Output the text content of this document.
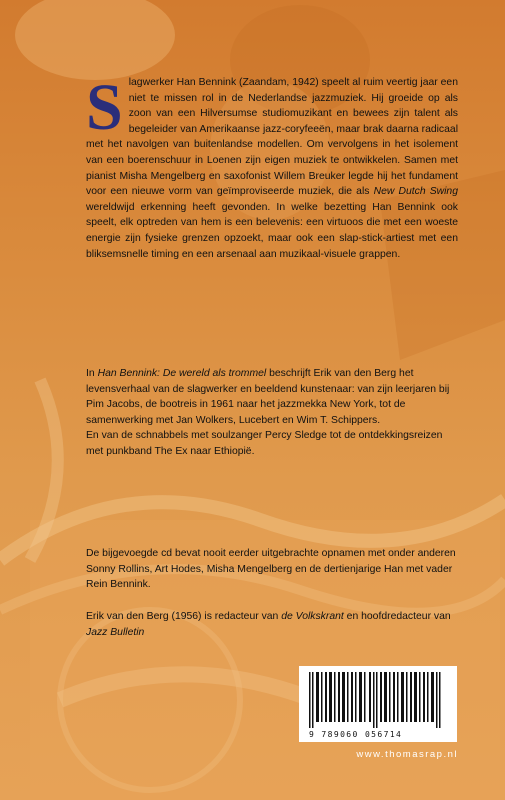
Slagwerker Han Bennink (Zaandam, 1942) speelt al ruim veertig jaar een niet te missen rol in de Nederlandse jazzmuziek. Hij groeide op als zoon van een Hilversumse studiomuzikant en bewees zijn talent als begeleider van Amerikaanse jazz-coryfeeën, maar brak daarna radicaal met het navolgen van buitenlandse modellen. Om vervolgens in het isolement van een boerenschuur in Loenen zijn eigen muziek te ontwikkelen. Samen met pianist Misha Mengelberg en saxofonist Willem Breuker legde hij het fundament voor een nieuwe vorm van geïmproviseerde muziek, die als New Dutch Swing wereldwijd erkenning heeft gevonden. In welke bezetting Han Bennink ook speelt, elk optreden van hem is een belevenis: een virtuoos die met een woeste energie zijn fysieke grenzen opzoekt, maar ook een slap-stick-artiest met een bliksemsnelle timing en een arsenaal aan muzikaal-visuele grappen.

In Han Bennink: De wereld als trommel beschrijft Erik van den Berg het levensverhaal van de slagwerker en beeldend kunstenaar: van zijn leerjaren bij Pim Jacobs, de bootreis in 1961 naar het jazzmekka New York, tot de samenwerking met Jan Wolkers, Lucebert en Wim T. Schippers.

En van de schnabbels met soulzanger Percy Sledge tot de ontdekkingsreizen met punkband The Ex naar Ethiopië.

De bijgevoegde cd bevat nooit eerder uitgebrachte opnamen met onder anderen Sonny Rollins, Art Hodes, Misha Mengelberg en de dertienjarige Han met vader Rein Bennink.

Erik van den Berg (1956) is redacteur van de Volkskrant en hoofdredacteur van Jazz Bulletin

9 789060 056714
www.thomasrap.nl
